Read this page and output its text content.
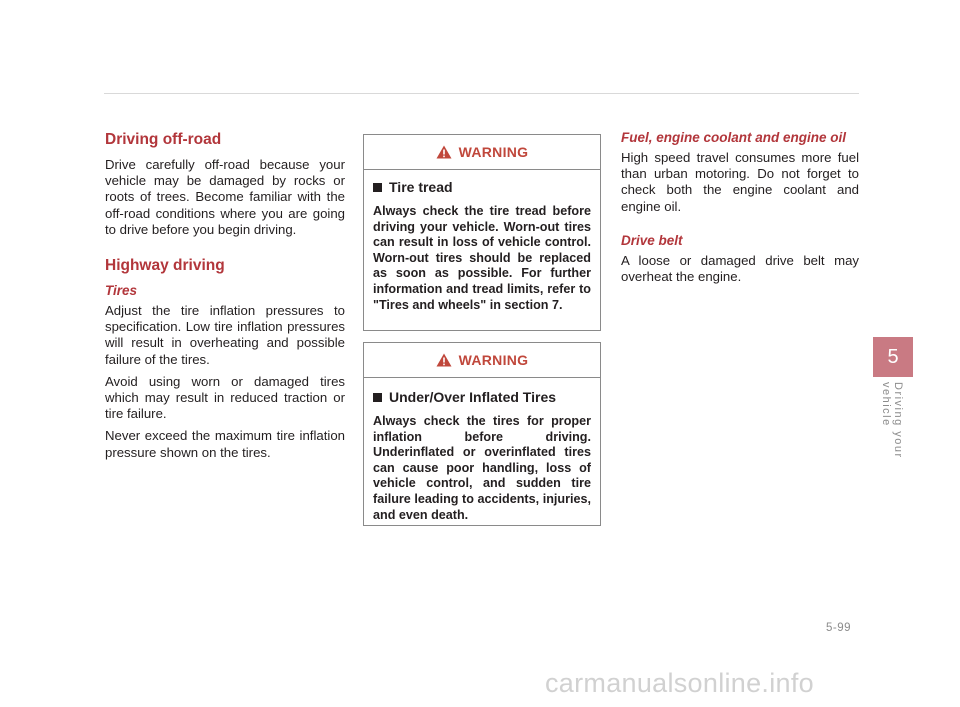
Driving off-road

Drive carefully off-road because your vehicle may be damaged by rocks or roots of trees. Become familiar with the off-road conditions where you are going to drive before you begin driving.

Highway driving
Tires

Adjust the tire inflation pressures to specification. Low tire inflation pressures will result in overheating and possible failure of the tires.

Avoid using worn or damaged tires which may result in reduced traction or tire failure.

Never exceed the maximum tire inflation pressure shown on the tires.

WARNING
Tire tread

Always check the tire tread before driving your vehicle. Worn-out tires can result in loss of vehicle control. Worn-out tires should be replaced as soon as possible. For further information and tread limits, refer to "Tires and wheels" in section 7.

WARNING
Under/Over Inflated Tires

Always check the tires for proper inflation before driving. Underinflated or overinflated tires can cause poor handling, loss of vehicle control, and sudden tire failure leading to accidents, injuries, and even death.

Fuel, engine coolant and engine oil

High speed travel consumes more fuel than urban motoring. Do not forget to check both the engine coolant and engine oil.

Drive belt

A loose or damaged drive belt may overheat the engine.

5
Driving your vehicle
5-99
carmanualsonline.info
